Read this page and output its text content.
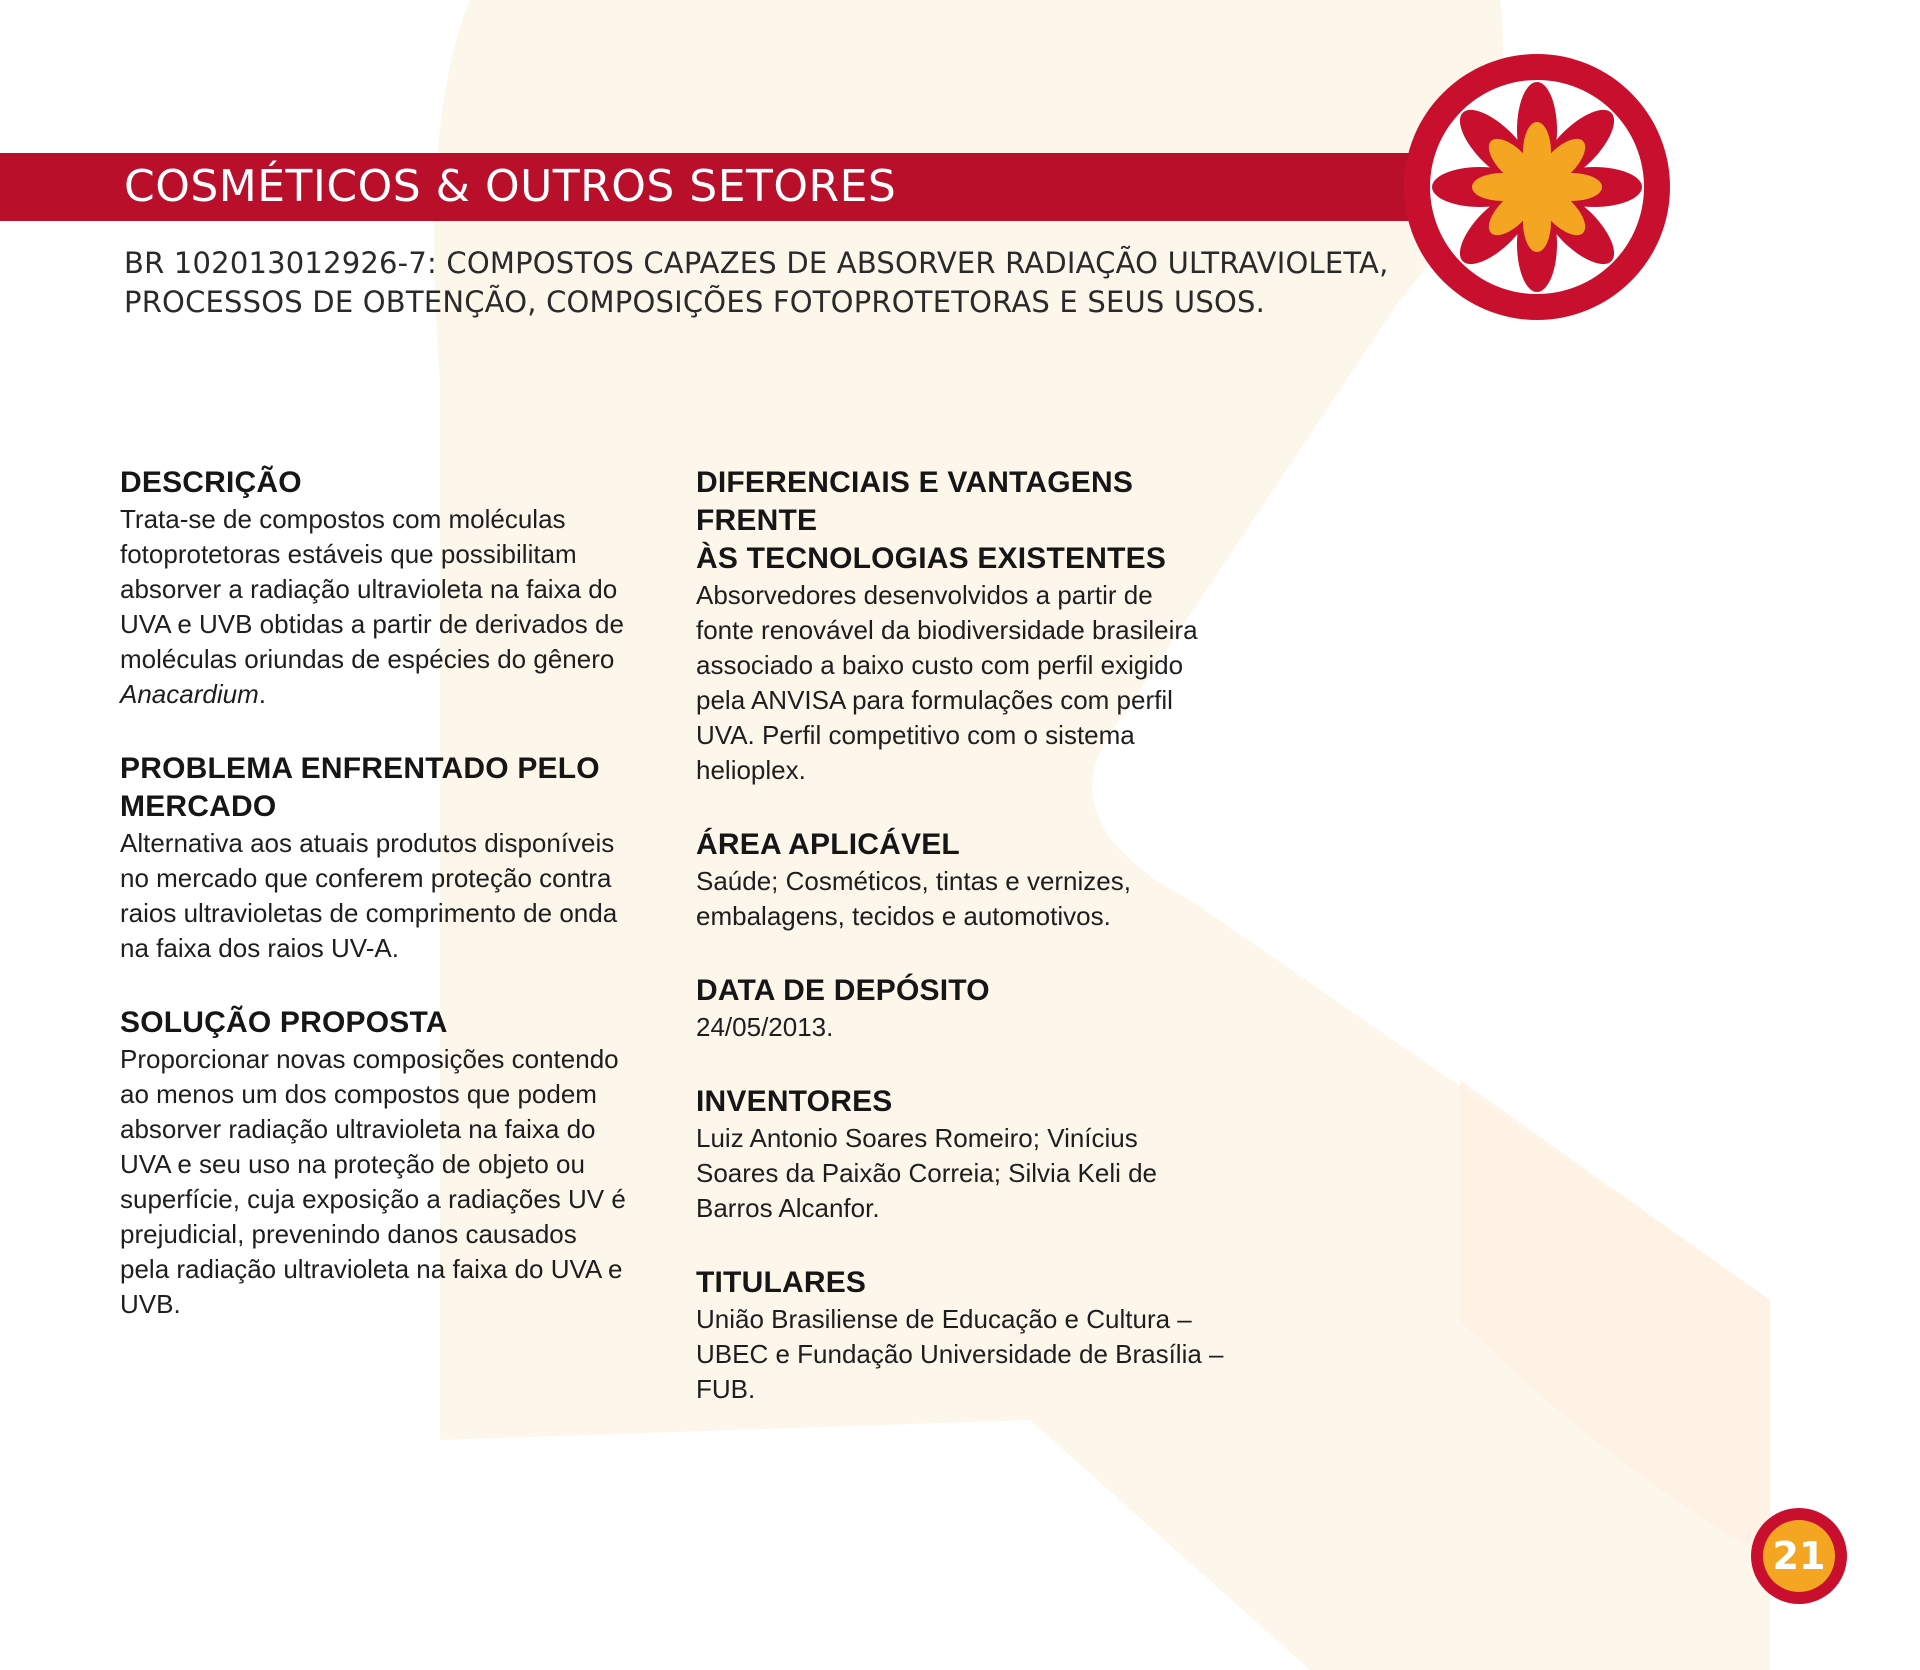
COSMÉTICOS & OUTROS SETORES
BR 102013012926-7: COMPOSTOS CAPAZES DE ABSORVER RADIAÇÃO ULTRAVIOLETA,
PROCESSOS DE OBTENÇÃO, COMPOSIÇÕES FOTOPROTETORAS E SEUS USOS.
DESCRIÇÃO

Trata-se de compostos com moléculas
fotoprotetoras estáveis que possibilitam
absorver a radiação ultravioleta na faixa do
UVA e UVB obtidas a partir de derivados de
moléculas oriundas de espécies do gênero
Anacardium.

PROBLEMA ENFRENTADO PELO
MERCADO

Alternativa aos atuais produtos disponíveis
no mercado que conferem proteção contra
raios ultravioletas de comprimento de onda
na faixa dos raios UV-A.

SOLUÇÃO PROPOSTA

Proporcionar novas composições contendo
ao menos um dos compostos que podem
absorver radiação ultravioleta na faixa do
UVA e seu uso na proteção de objeto ou
superfície, cuja exposição a radiações UV é
prejudicial, prevenindo danos causados
pela radiação ultravioleta na faixa do UVA e
UVB.

DIFERENCIAIS E VANTAGENS FRENTE
ÀS TECNOLOGIAS EXISTENTES

Absorvedores desenvolvidos a partir de
fonte renovável da biodiversidade brasileira
associado a baixo custo com perfil exigido
pela ANVISA para formulações com perfil
UVA. Perfil competitivo com o sistema
helioplex.

ÁREA APLICÁVEL

Saúde; Cosméticos, tintas e vernizes,
embalagens, tecidos e automotivos.

DATA DE DEPÓSITO

24/05/2013.

INVENTORES

Luiz Antonio Soares Romeiro; Vinícius
Soares da Paixão Correia; Silvia Keli de
Barros Alcanfor.

TITULARES

União Brasiliense de Educação e Cultura –
UBEC e Fundação Universidade de Brasília –
FUB.

21
